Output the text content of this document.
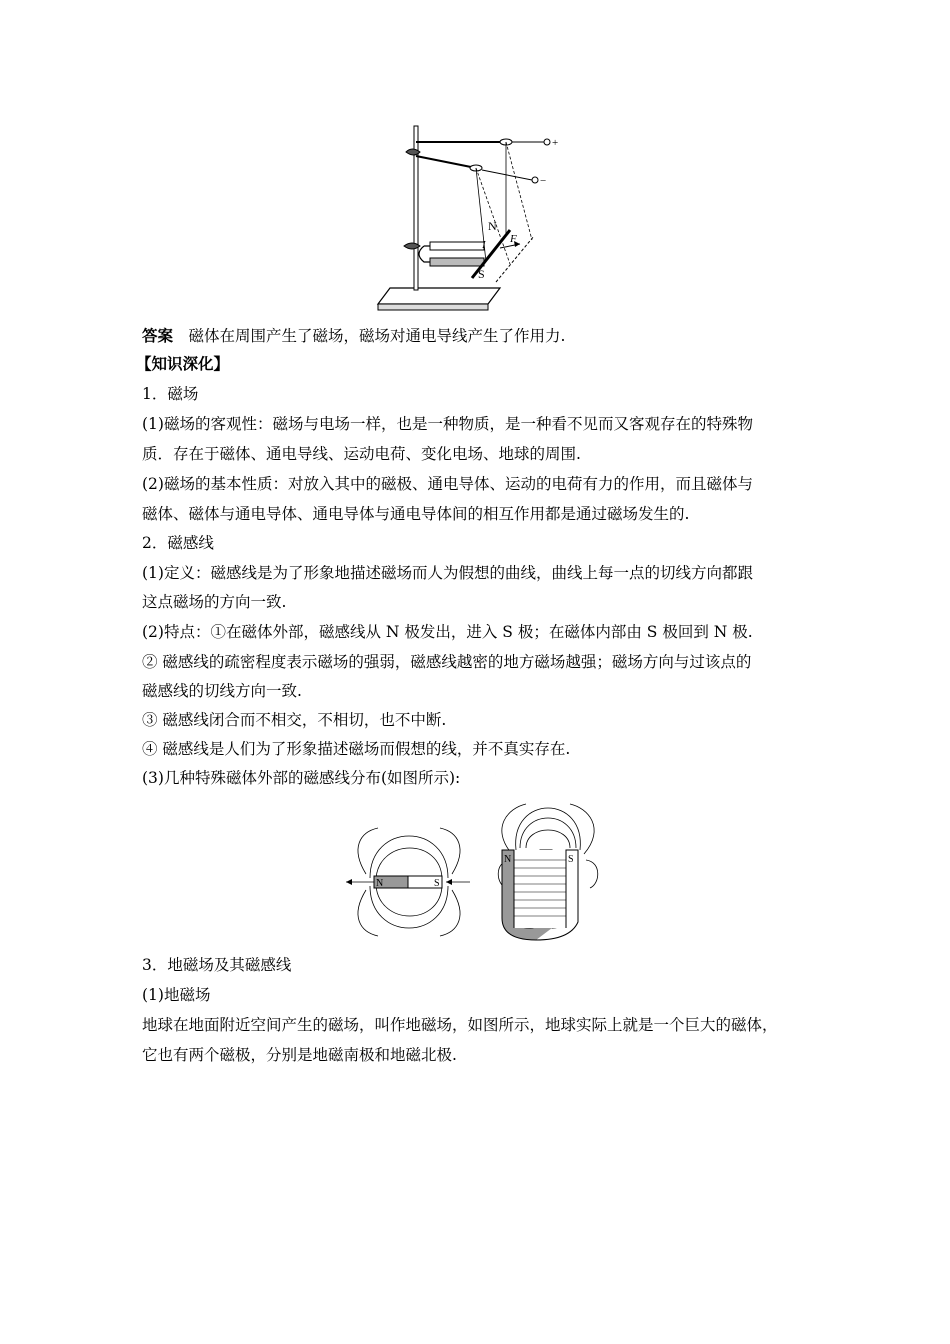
+
−
N
S
I F
答案  磁体在周围产生了磁场，磁场对通电导线产生了作用力.
【知识深化】
1．磁场
(1)磁场的客观性：磁场与电场一样，也是一种物质，是一种看不见而又客观存在的特殊物
质．存在于磁体、通电导线、运动电荷、变化电场、地球的周围.
(2)磁场的基本性质：对放入其中的磁极、通电导体、运动的电荷有力的作用，而且磁体与
磁体、磁体与通电导体、通电导体与通电导体间的相互作用都是通过磁场发生的.
2．磁感线
(1)定义：磁感线是为了形象地描述磁场而人为假想的曲线，曲线上每一点的切线方向都跟
这点磁场的方向一致.
(2)特点：①在磁体外部，磁感线从 N 极发出，进入 S 极；在磁体内部由 S 极回到 N 极.
② 磁感线的疏密程度表示磁场的强弱，磁感线越密的地方磁场越强；磁场方向与过该点的
磁感线的切线方向一致.
③ 磁感线闭合而不相交，不相切，也不中断.
④ 磁感线是人们为了形象描述磁场而假想的线，并不真实存在.
(3)几种特殊磁体外部的磁感线分布(如图所示):
N	S
N	S
3．地磁场及其磁感线
(1)地磁场
地球在地面附近空间产生的磁场，叫作地磁场，如图所示，地球实际上就是一个巨大的磁体，
它也有两个磁极，分别是地磁南极和地磁北极.
